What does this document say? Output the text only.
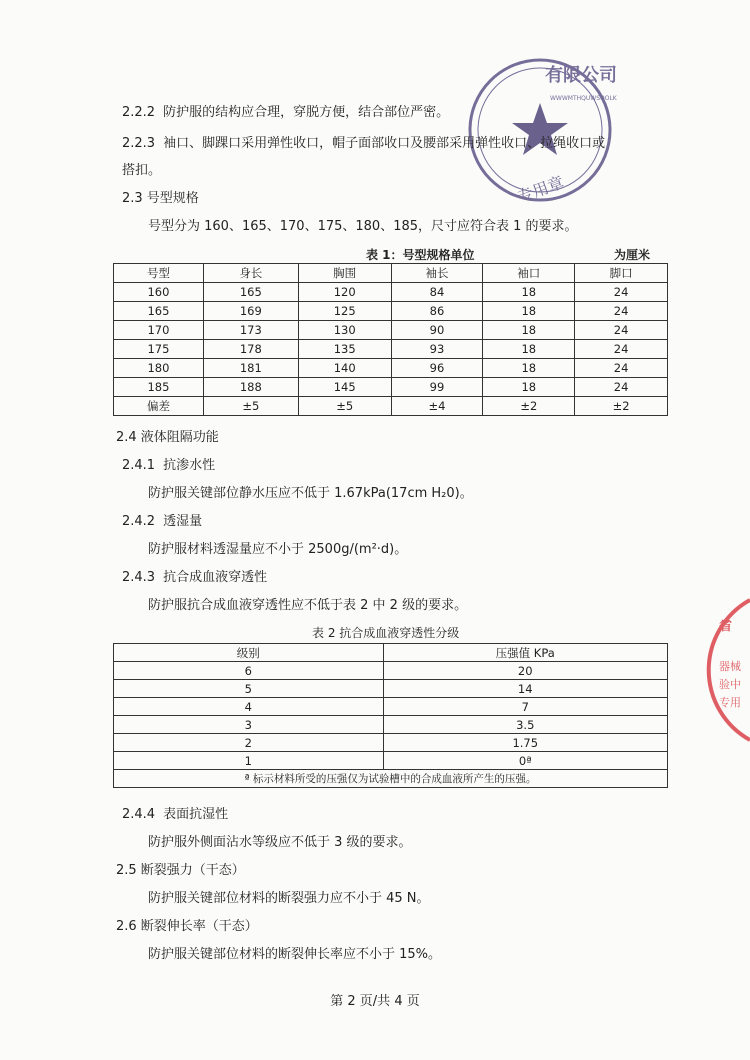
有限公司
WWWMTHQUWSOOLK
专用章
省
器械
验中
专用
2.2.2 防护服的结构应合理，穿脱方便，结合部位严密。
2.2.3 袖口、脚踝口采用弹性收口，帽子面部收口及腰部采用弹性收口、拉绳收口或
搭扣。
2.3 号型规格
号型分为 160、165、170、175、180、185，尺寸应符合表 1 的要求。
表 1：号型规格单位	为厘米
号型	身长	胸围	袖长	袖口	脚口
160	165	120	84	18	24
165	169	125	86	18	24
170	173	130	90	18	24
175	178	135	93	18	24
180	181	140	96	18	24
185	188	145	99	18	24
偏差	±5	±5	±4	±2	±2
2.4 液体阻隔功能
2.4.1 抗渗水性
防护服关键部位静水压应不低于 1.67kPa(17cm H₂0)。
2.4.2 透湿量
防护服材料透湿量应不小于 2500g/(m²·d)。
2.4.3 抗合成血液穿透性
防护服抗合成血液穿透性应不低于表 2 中 2 级的要求。
表 2 抗合成血液穿透性分级
级别	压强值 KPa
6	20
5	14
4	7
3	3.5
2	1.75
1	0ª
ª 标示材料所受的压强仅为试验槽中的合成血液所产生的压强。	
2.4.4 表面抗湿性
防护服外侧面沾水等级应不低于 3 级的要求。
2.5 断裂强力（干态）
防护服关键部位材料的断裂强力应不小于 45 N。
2.6 断裂伸长率（干态）
防护服关键部位材料的断裂伸长率应不小于 15%。
第 2 页/共 4 页
